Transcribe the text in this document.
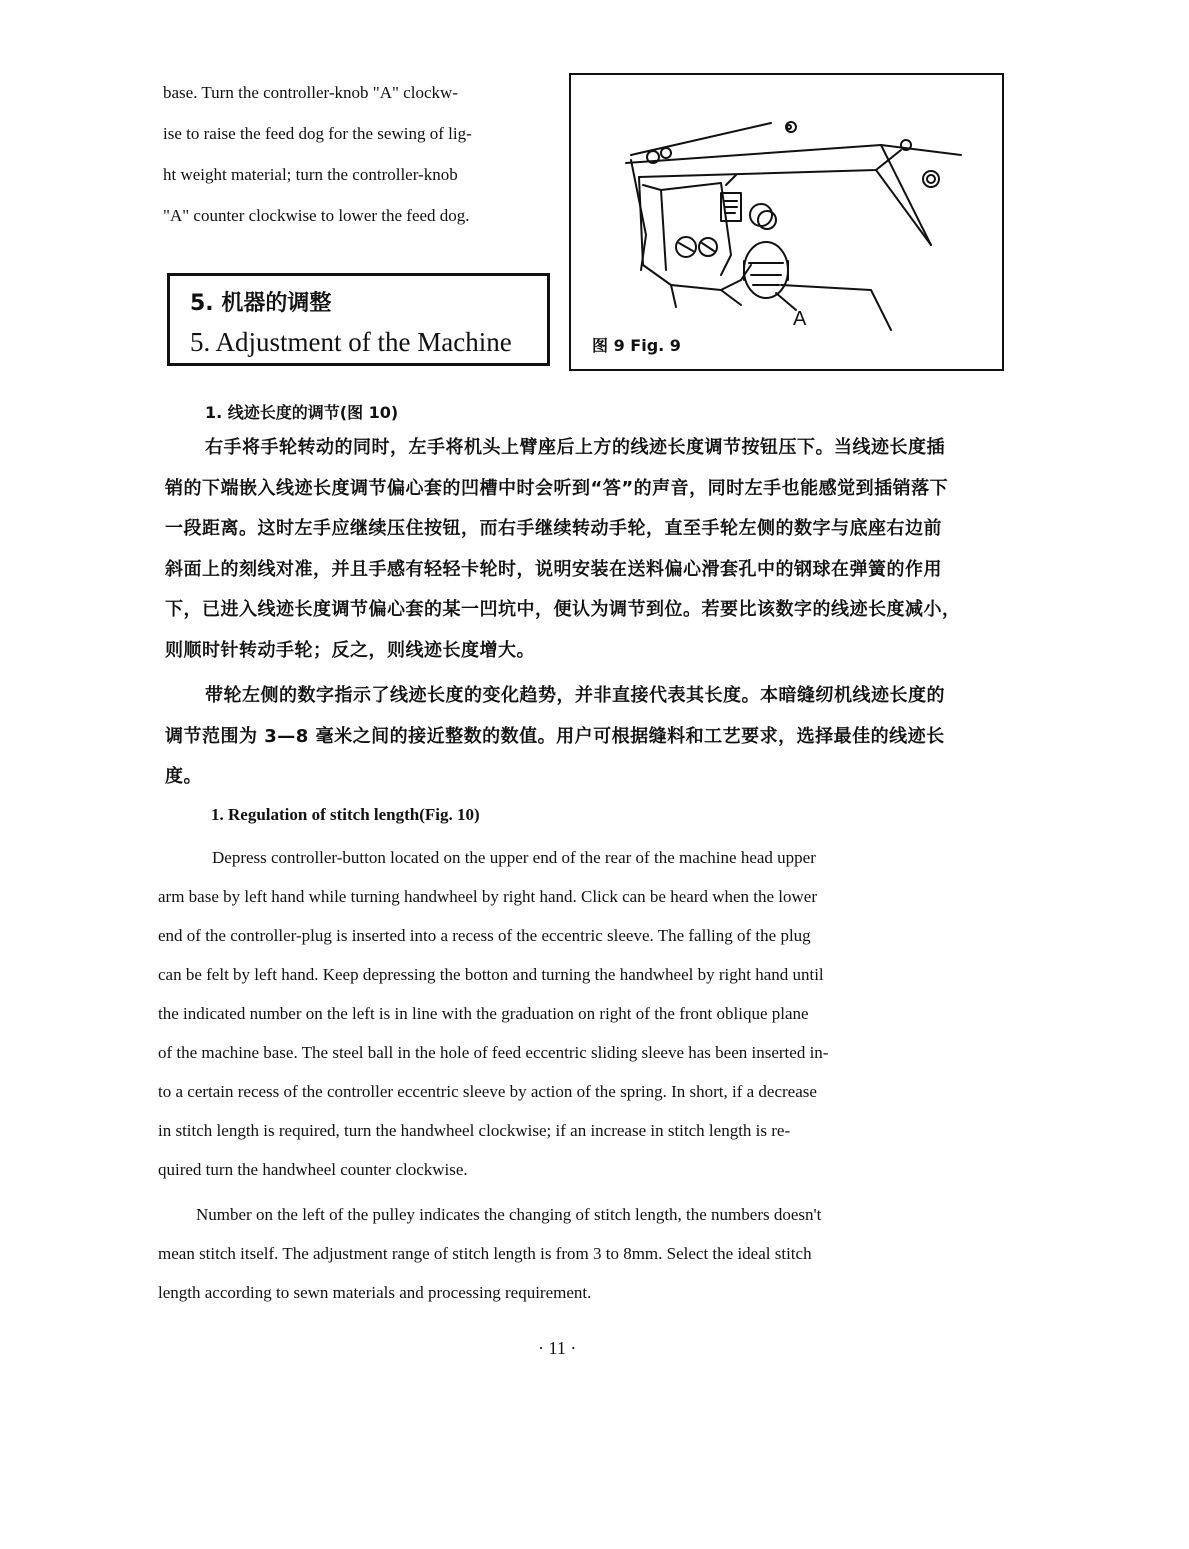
base. Turn the controller-knob "A" clockw-

ise to raise the feed dog for the sewing of lig-

ht weight material; turn the controller-knob

"A" counter clockwise to lower the feed dog.

5. 机器的调整
5. Adjustment of the Machine
A
图 9 Fig. 9
1. 线迹长度的调节(图 10)

右手将手轮转动的同时，左手将机头上臂座后上方的线迹长度调节按钮压下。当线迹长度插

销的下端嵌入线迹长度调节偏心套的凹槽中时会听到“答”的声音，同时左手也能感觉到插销落下

一段距离。这时左手应继续压住按钮，而右手继续转动手轮，直至手轮左侧的数字与底座右边前

斜面上的刻线对准，并且手感有轻轻卡轮时，说明安装在送料偏心滑套孔中的钢球在弹簧的作用

下，已进入线迹长度调节偏心套的某一凹坑中，便认为调节到位。若要比该数字的线迹长度减小，

则顺时针转动手轮；反之，则线迹长度增大。

带轮左侧的数字指示了线迹长度的变化趋势，并非直接代表其长度。本暗缝纫机线迹长度的

调节范围为 3—8 毫米之间的接近整数的数值。用户可根据缝料和工艺要求，选择最佳的线迹长

度。

1. Regulation of stitch length(Fig. 10)

Depress controller-button located on the upper end of the rear of the machine head upper

arm base by left hand while turning handwheel by right hand. Click can be heard when the lower

end of the controller-plug is inserted into a recess of the eccentric sleeve. The falling of the plug

can be felt by left hand. Keep depressing the botton and turning the handwheel by right hand until

the indicated number on the left is in line with the graduation on right of the front oblique plane

of the machine base. The steel ball in the hole of feed eccentric sliding sleeve has been inserted in-

to a certain recess of the controller eccentric sleeve by action of the spring. In short, if a decrease

in stitch length is required, turn the handwheel clockwise; if an increase in stitch length is re-

quired turn the handwheel counter clockwise.

Number on the left of the pulley indicates the changing of stitch length, the numbers doesn't

mean stitch itself. The adjustment range of stitch length is from 3 to 8mm. Select the ideal stitch

length according to sewn materials and processing requirement.

· 11 ·
